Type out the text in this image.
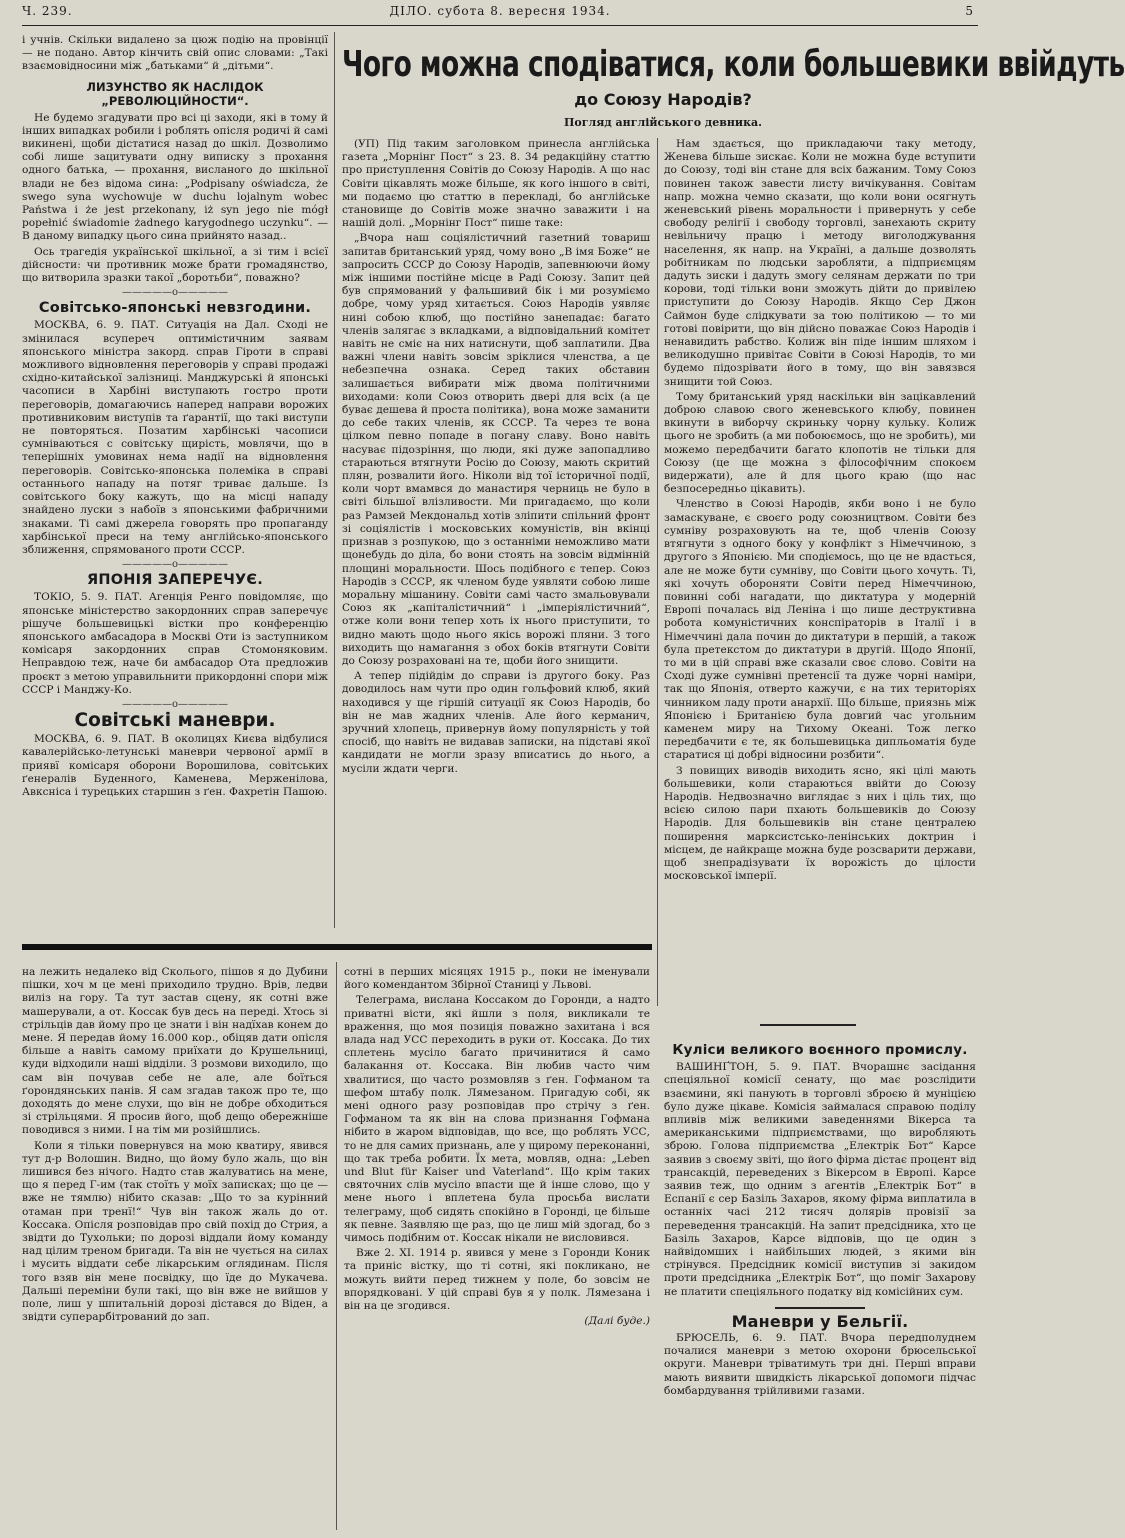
Ч. 239.	ДІЛО. субота 8. вересня 1934.	5

і учнів. Скільки видалено за цюж подію на провінції — не подано. Автор кінчить свій опис словами: „Такі взаємовідносини між „батьками“ й „дітьми“.

ЛИЗУНСТВО ЯК НАСЛІДОК „РЕВОЛЮЦІЙНОСТИ“.

Не будемо згадувати про всі ці заходи, які в тому й інших випадках робили і роблять опісля родичі й самі викинені, щоби дістатися назад до шкіл. Дозволимо собі лише зацитувати одну виписку з прохання одного батька, — прохання, висланого до шкільної влади не без відома сина: „Podpisany oświadcza, że swego syna wychowuje w duchu lojalnym wobec Państwa i że jest przekonany, iż syn jego nie mógł popełnić świadomie żadnego karygodnego uczynku“. — В даному випадку цього сина прийнято назад..

Ось трагедія української шкільної, а зі тим і всієї дійсности: чи противник може брати громадянство, що витворила зразки такої „боротьби“, поважно?

—————o—————
Совітсько-японські невзгодини.

МОСКВА, 6. 9. ПАТ. Ситуація на Дал. Сході не змінилася всупереч оптимістичним заявам японського міністра закорд. справ Гіроти в справі можливого відновлення переговорів у справі продажі східно-китайської залізниці. Манджурські й японські часописи в Харбіні виступають гостро проти переговорів, домагаючись наперед направи ворожих противниковим виступів та ґарантії, що такі виступи не повторяться. Позатим харбінські часописи сумніваються с совітську щирість, мовлячи, що в теперішніх умовинах нема надії на відновлення переговорів. Совітсько-японська полеміка в справі останнього нападу на потяг триває дальше. Із совітського боку кажуть, що на місці нападу знайдено луски з набоїв з японськими фабричними знаками. Ті самі джерела говорять про пропаганду харбінської преси на тему англійсько-японського зближення, спрямованого проти СССР.

—————o—————
ЯПОНІЯ ЗАПЕРЕЧУЄ.

ТОКІО, 5. 9. ПАТ. Агенція Ренго повідомляє, що японське міністерство закордонних справ заперечує рішуче большевицькі вістки про конференцію японського амбасадора в Москві Оти із заступником комісаря закордонних справ Стомоняковим. Неправдою теж, наче би амбасадор Ота предложив проєкт з метою управильнити прикордонні спори між СССР і Манджу-Ко.

—————o—————
Совітські маневри.

МОСКВА, 6. 9. ПАТ. В околицях Києва відбулися кавалерійсько-летунські маневри червоної армії в приявї комісаря оборони Ворошилова, совітських ґенералів Буденного, Каменева, Мерженілова, Авксніса і турецьких старшин з ґен. Фахретін Пашою.

Чого можна сподіватися, коли большевики ввійдуть
до Союзу Народів?
Погляд англійського девника.

(УП) Під таким заголовком принесла англійська газета „Морнінг Пост“ з 23. 8. 34 редакційну статтю про приступлення Совітів до Союзу Народів. А що нас Совіти цікавлять може більше, як кого іншого в світі, ми подаємо цю статтю в перекладі, бо англійське становище до Совітів може значно заважити і на нашій долі. „Морнінг Пост“ пише таке:

„Вчора наш соціялістичний газетний товариш запитав британський уряд, чому воно „В імя Боже“ не запросить СССР до Союзу Народів, запевнюючи йому між іншими постійне місце в Раді Союзу. Запит цей був спрямований у фальшивий бік і ми розуміємо добре, чому уряд хитається. Союз Народів уявляє нині собою клюб, що постійно занепадає: багато членів залягає з вкладками, а відповідальний комітет навіть не сміє на них натиснути, щоб заплатили. Два важні члени навіть зовсім зріклися членства, а це небезпечна ознака. Серед таких обставин залишається вибирати між двома політичними виходами: коли Союз отворить двері для всіх (а це буває дешева й проста політика), вона може заманити до себе таких членів, як СССР. Та через те вона цілком певно попаде в погану славу. Воно навіть насуває підозріння, що люди, які дуже запопадливо стараються втягнути Росію до Союзу, мають скритий плян, розвалити його. Ніколи від тої історичної події, коли чорт вмамвся до манастиря черниць не було в світі більшої влізливости. Ми пригадаємо, що коли раз Рамзей Мекдональд хотів зліпити спільний фронт зі соціялістів і московських комуністів, він вкінці признав з розпукою, що з останніми неможливо мати щонебудь до діла, бо вони стоять на зовсім відмінній площині моральности. Шось подібного є тепер. Союз Народів з СССР, як членом буде уявляти собою лише моральну мішанину. Совіти самі часто змальовували Союз як „капіталістичний“ і „імперіялістичний“, отже коли вони тепер хоть іх нього приступити, то видно мають щодо нього якісь ворожі пляни. З того виходить що намагання з обох боків втягнути Совіти до Союзу розраховані на те, щоби його знищити.

А тепер підійдім до справи із другого боку. Раз доводилось нам чути про один гольфовий клюб, який находився у ще гіршій ситуації як Союз Народів, бо він не мав жадних членів. Але його керманич, зручний хлопець, привернув йому популярність у той спосіб, що навіть не видавав записки, на підставі якої кандидати не могли зразу вписатись до нього, а мусіли ждати черги.

Нам здається, що прикладаючи таку методу, Женева більше зискає. Коли не можна буде вступити до Союзу, тоді він стане для всіх бажаним. Тому Союз повинен також завести листу вичікування. Совітам напр. можна чемно сказати, що коли вони осягнуть женевський рівень моральности і привернуть у себе свободу релігії і свободу торговлі, занехають скриту невільничу працю і методу виголоджування населення, як напр. на Україні, а дальше дозволять робітникам по людськи заробляти, а підприємцям дадуть зиски і дадуть змогу селянам держати по три корови, тоді тільки вони зможуть дійти до привілею приступити до Союзу Народів. Якщо Сер Джон Саймон буде слідкувати за тою політикою — то ми готові повірити, що він дійсно поважає Союз Народів і ненавидить рабство. Колиж він піде іншим шляхом і великодушно привітає Совіти в Союзі Народів, то ми будемо підозрівати його в тому, що він завязвся знищити той Союз.

Тому британський уряд наскільки він зацікавлений доброю славою свого женевського клюбу, повинен вкинути в виборчу скриньку чорну кульку. Колиж цього не зробить (а ми побоюємось, що не зробить), ми можемо передбачити багато клопотів не тільки для Союзу (це ще можна з філософічним спокоєм видержати), але й для цього краю (що нас безпосередньо цікавить).

Членство в Союзі Народів, якби воно і не було замаскуване, є своєго роду союзництвом. Совіти без сумніву розраховують на те, щоб членів Союзу втягнути з одного боку у конфлікт з Німеччиною, з другого з Японією. Ми сподіємось, що це не вдасться, але не може бути сумніву, що Совіти цього хочуть. Ті, які хочуть обороняти Совіти перед Німеччиною, повинні собі нагадати, що диктатура у модерній Европі почалась від Леніна і що лише деструктивна робота комуністичних конспіраторів в Італії і в Німеччині дала почин до диктатури в першій, а також була претекстом до диктатури в другій. Щодо Японії, то ми в цій справі вже сказали своє слово. Совіти на Сході дуже сумнівні претенсії та дуже чорні наміри, так що Японія, отверто кажучи, є на тих територіях чинником ладу проти анархії. Що більше, приязнь між Японією і Британією була довгий час угольним каменем миру на Тихому Океані. Тож легко передбачити є те, як большевицька дипльоматія буде старатися ці добрі відносини розбити“.

З повищих виводів виходить ясно, які цілі мають большевики, коли стараються ввійти до Союзу Народів. Недвозначно виглядає з них і ціль тих, що всією силою пари пхають большевиків до Союзу Народів. Для большевиків він стане централею поширення марксистсько-ленінських доктрин і місцем, де найкраще можна буде розсварити держави, щоб знепрадізувати їх ворожість до цілости московської імперії.

Куліси великого воєнного промислу.

ВАШИНҐТОН, 5. 9. ПАТ. Вчорашнє засідання спеціяльної комісії сенату, що має розслідити взаємини, які панують в торговлі зброєю й муніцією було дуже цікаве. Комісія займалася справою поділу впливів між великими заведеннями Вікерса та американськими підприємствами, що виробляють зброю. Голова підприємства „Електрік Бот“ Карсе заявив з своєму звіті, що його фірма дістає процент від трансакцій, переведених з Вікерсом в Европі. Карсе заявив теж, що одним з агентів „Електрік Бот“ в Еспанії є сер Базіль Захаров, якому фірма виплатила в останніх часі 212 тисяч долярів провізії за переведення трансакцій. На запит предсідника, хто це Базіль Захаров, Карсе відповів, що це один з найвідомших і найбільших людей, з якими він стрінувся. Предсідник комісії виступив зі закидом проти предсідника „Електрік Бот“, що поміг Захарову не платити спеціяльного податку від комісійних сум.

Маневри у Бельгії.

БРЮСЕЛЬ, 6. 9. ПАТ. Вчора передполуднем почалися маневри з метою охорони брюсельської округи. Маневри тріватимуть три дні. Перші вправи мають виявити швидкість лікарської допомоги підчас бомбардування трійливими газами.

на лежить недалеко від Сколього, пішов я до Дубини пішки, хоч м це мені приходило трудно. Врів, ледви виліз на гору. Та тут застав сцену, як сотні вже машерували, а от. Коссак був десь на переді. Хтось зі стрільців дав йому про це знати і він надїхав конем до мене. Я передав йому 16.000 кор., обіцяв дати опісля більше а навіть самому приїхати до Крушельниці, куди відходили наші відділи. З розмови виходило, що сам він почував себе не але, але боїться ґорондянських панів. Я сам згадав також про те, що доходять до мене слухи, що він не добре обходиться зі стрільцями. Я просив його, щоб дещо обережніше поводився з ними. І на тім ми розійшлись.

Коли я тільки повернувся на мою кватиру, явився тут д-р Волошин. Видно, що йому було жаль, що він лишився без нічого. Надто став жалуватись на мене, що я перед Г-им (так стоїть у моїх записках; що це — вже не тямлю) нібито сказав: „Що то за курінний отаман при тренї!“ Чув він також жаль до от. Коссака. Опісля розповідав про свій похід до Стрия, а звідти до Тухольки; по дорозі віддали йому команду над цілим треном бригади. Та він не чується на силах і мусить віддати себе лікарським оглядинам. Після того взяв він мене посвідку, що їде до Мукачева. Дальші переміни були такі, що він вже не вийшов у поле, лиш у шпитальній дорозі дістався до Віден, а звідти суперарбітрований до зап.

сотні в перших місяцях 1915 р., поки не іменували його комендантом Збірної Станиці у Львові.

Телеграма, вислана Коссаком до Горонди, а надто приватні вісти, які йшли з поля, викликали те враження, що моя позиція поважно захитана і вся влада над УСС переходить в руки от. Коссака. До тих сплетень мусіло багато причинитися й само балакання от. Коссака. Він любив часто чим хвалитися, що часто розмовляв з ґен. Гофманом та шефом штабу полк. Лямезаном. Пригадую собі, як мені одного разу розповідав про стрічу з ґен. Гофманом та як він на слова признання Гофмана нібито в жаром відповідав, що все, що роблять УСС, то не для самих признань, але у щирому переконанні, що так треба робити. Їх мета, мовляв, одна: „Leben und Blut für Kaiser und Vaterland“. Що крім таких святочних слів мусіло впасти ще й інше слово, що у мене нього і вплетена була просьба вислати телеграму, щоб сидять спокійно в Горонді, це більше як певне. Заявляю ще раз, що це лиш мій здогад, бо з чимось подібним от. Коссак нікали не висловився.

Вже 2. XI. 1914 р. явився у мене з Горонди Коник та приніс вістку, що ті сотні, які покликано, не можуть вийти перед тижнем у поле, бо зовсім не впорядковані. У цій справі був я у полк. Лямезана і він на це згодився.

(Далі буде.)
